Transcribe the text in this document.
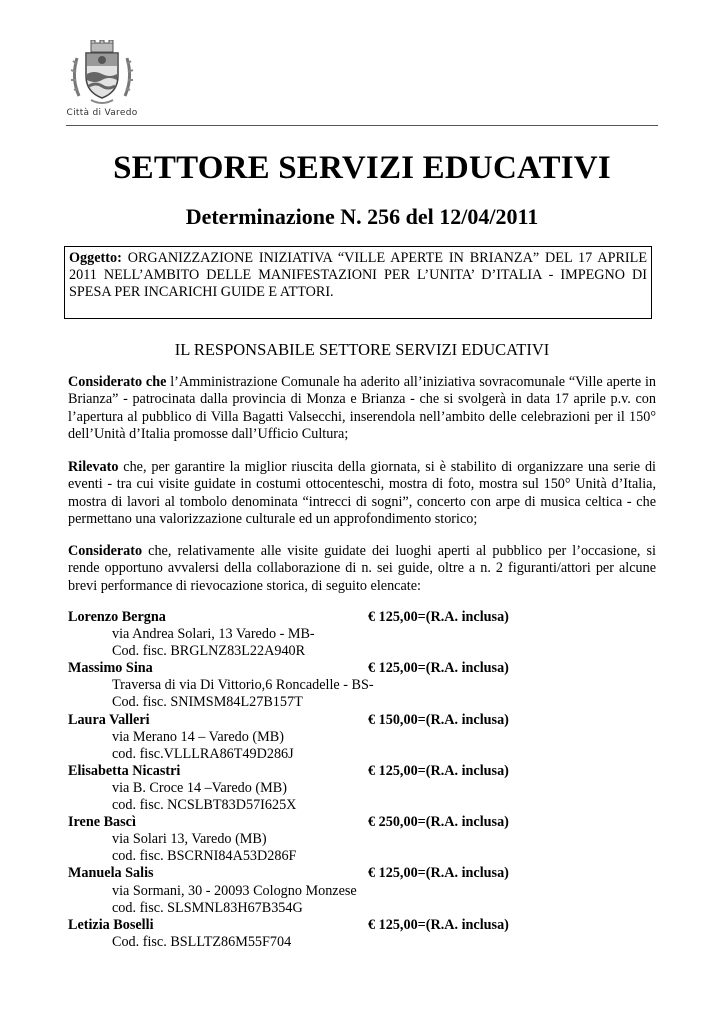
Città di Varedo
SETTORE SERVIZI EDUCATIVI
Determinazione N. 256 del 12/04/2011

Oggetto: ORGANIZZAZIONE INIZIATIVA “VILLE APERTE IN BRIANZA” DEL 17 APRILE 2011 NELL’AMBITO DELLE MANIFESTAZIONI PER L’UNITA’ D’ITALIA - IMPEGNO DI SPESA PER INCARICHI GUIDE E ATTORI.

IL RESPONSABILE SETTORE SERVIZI EDUCATIVI

Considerato che l’Amministrazione Comunale ha aderito all’iniziativa sovracomunale “Ville aperte in Brianza” - patrocinata dalla provincia di Monza e Brianza - che si svolgerà in data 17 aprile p.v. con l’apertura al pubblico di Villa Bagatti Valsecchi, inserendola nell’ambito delle celebrazioni per il 150° dell’Unità d’Italia promosse dall’Ufficio Cultura;

Rilevato che, per garantire la miglior riuscita della giornata, si è stabilito di organizzare una serie di eventi - tra cui visite guidate in costumi ottocenteschi, mostra di foto, mostra sul 150° Unità d’Italia, mostra di lavori al tombolo denominata “intrecci di sogni”, concerto con arpe di musica celtica - che permettano una valorizzazione culturale ed un approfondimento storico;

Considerato che, relativamente alle visite guidate dei luoghi aperti al pubblico per l’occasione, si rende opportuno avvalersi della collaborazione di n. sei guide, oltre a n. 2 figuranti/attori per alcune brevi performance di rievocazione storica, di seguito elencate:

Lorenzo Bergna	€ 125,00=(R.A. inclusa)
via Andrea Solari, 13 Varedo - MB-
Cod. fisc. BRGLNZ83L22A940R
Massimo Sina	€ 125,00=(R.A. inclusa)
Traversa di via Di Vittorio,6 Roncadelle - BS-
Cod. fisc. SNIMSM84L27B157T
Laura Valleri	€ 150,00=(R.A. inclusa)
via Merano 14 – Varedo (MB)
cod. fisc.VLLLRA86T49D286J
Elisabetta Nicastri	€ 125,00=(R.A. inclusa)
via B. Croce 14 –Varedo (MB)
cod. fisc. NCSLBT83D57I625X
Irene Bascì	€ 250,00=(R.A. inclusa)
via Solari 13, Varedo (MB)
cod. fisc. BSCRNI84A53D286F
Manuela Salis	€ 125,00=(R.A. inclusa)
via Sormani, 30 - 20093 Cologno Monzese
cod. fisc. SLSMNL83H67B354G
Letizia Boselli	€ 125,00=(R.A. inclusa)
Cod. fisc. BSLLTZ86M55F704
